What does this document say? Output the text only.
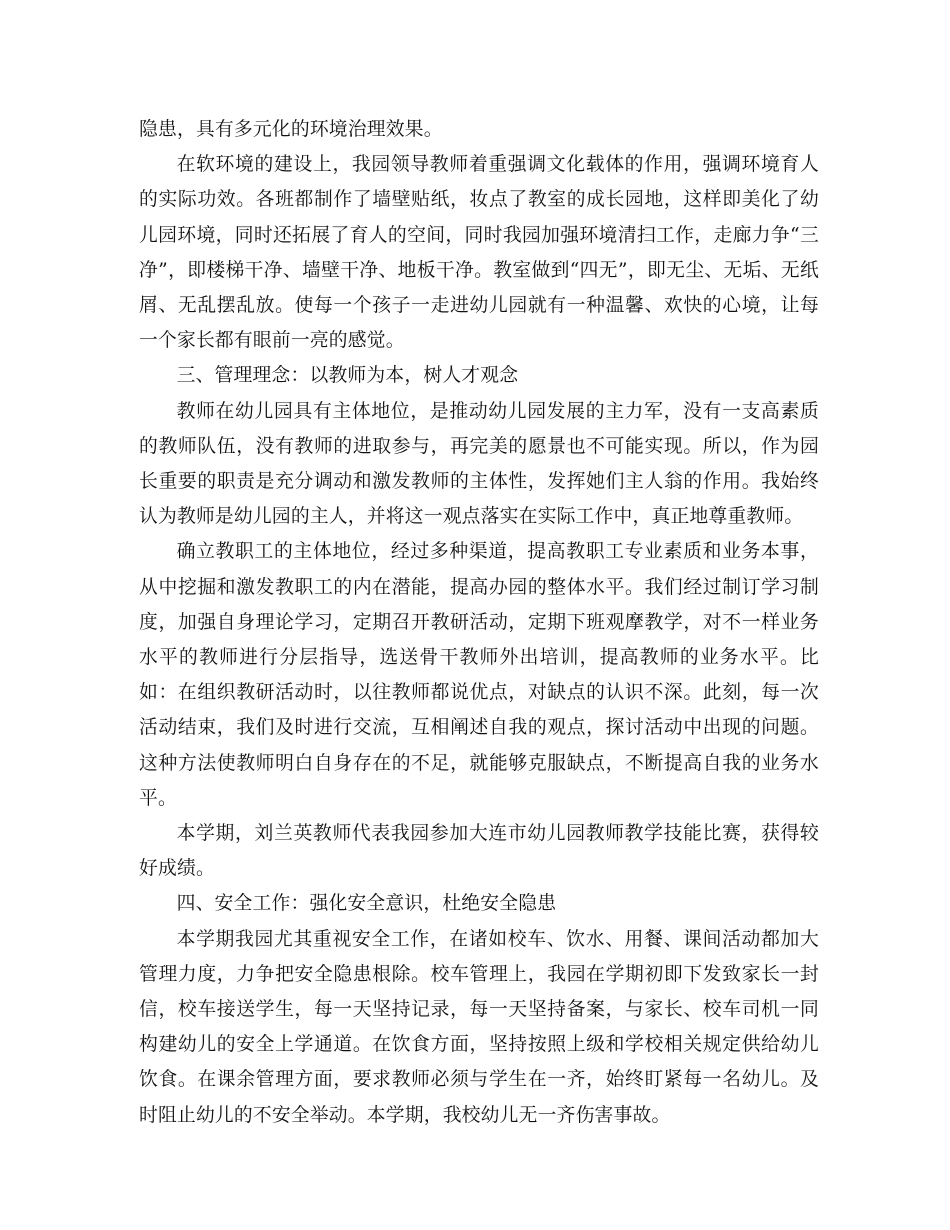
隐患，具有多元化的环境治理效果。

在软环境的建设上，我园领导教师着重强调文化载体的作用，强调环境育人的实际功效。各班都制作了墙壁贴纸，妆点了教室的成长园地，这样即美化了幼儿园环境，同时还拓展了育人的空间，同时我园加强环境清扫工作，走廊力争“三净”，即楼梯干净、墙壁干净、地板干净。教室做到“四无”，即无尘、无垢、无纸屑、无乱摆乱放。使每一个孩子一走进幼儿园就有一种温馨、欢快的心境，让每一个家长都有眼前一亮的感觉。

三、管理理念：以教师为本，树人才观念

教师在幼儿园具有主体地位，是推动幼儿园发展的主力军，没有一支高素质的教师队伍，没有教师的进取参与，再完美的愿景也不可能实现。所以，作为园长重要的职责是充分调动和激发教师的主体性，发挥她们主人翁的作用。我始终认为教师是幼儿园的主人，并将这一观点落实在实际工作中，真正地尊重教师。

确立教职工的主体地位，经过多种渠道，提高教职工专业素质和业务本事，从中挖掘和激发教职工的内在潜能，提高办园的整体水平。我们经过制订学习制度，加强自身理论学习，定期召开教研活动，定期下班观摩教学，对不一样业务水平的教师进行分层指导，选送骨干教师外出培训，提高教师的业务水平。比如：在组织教研活动时，以往教师都说优点，对缺点的认识不深。此刻，每一次活动结束，我们及时进行交流，互相阐述自我的观点，探讨活动中出现的问题。这种方法使教师明白自身存在的不足，就能够克服缺点，不断提高自我的业务水平。

本学期，刘兰英教师代表我园参加大连市幼儿园教师教学技能比赛，获得较好成绩。

四、安全工作：强化安全意识，杜绝安全隐患

本学期我园尤其重视安全工作，在诸如校车、饮水、用餐、课间活动都加大管理力度，力争把安全隐患根除。校车管理上，我园在学期初即下发致家长一封信，校车接送学生，每一天坚持记录，每一天坚持备案，与家长、校车司机一同构建幼儿的安全上学通道。在饮食方面，坚持按照上级和学校相关规定供给幼儿饮食。在课余管理方面，要求教师必须与学生在一齐，始终盯紧每一名幼儿。及时阻止幼儿的不安全举动。本学期，我校幼儿无一齐伤害事故。
